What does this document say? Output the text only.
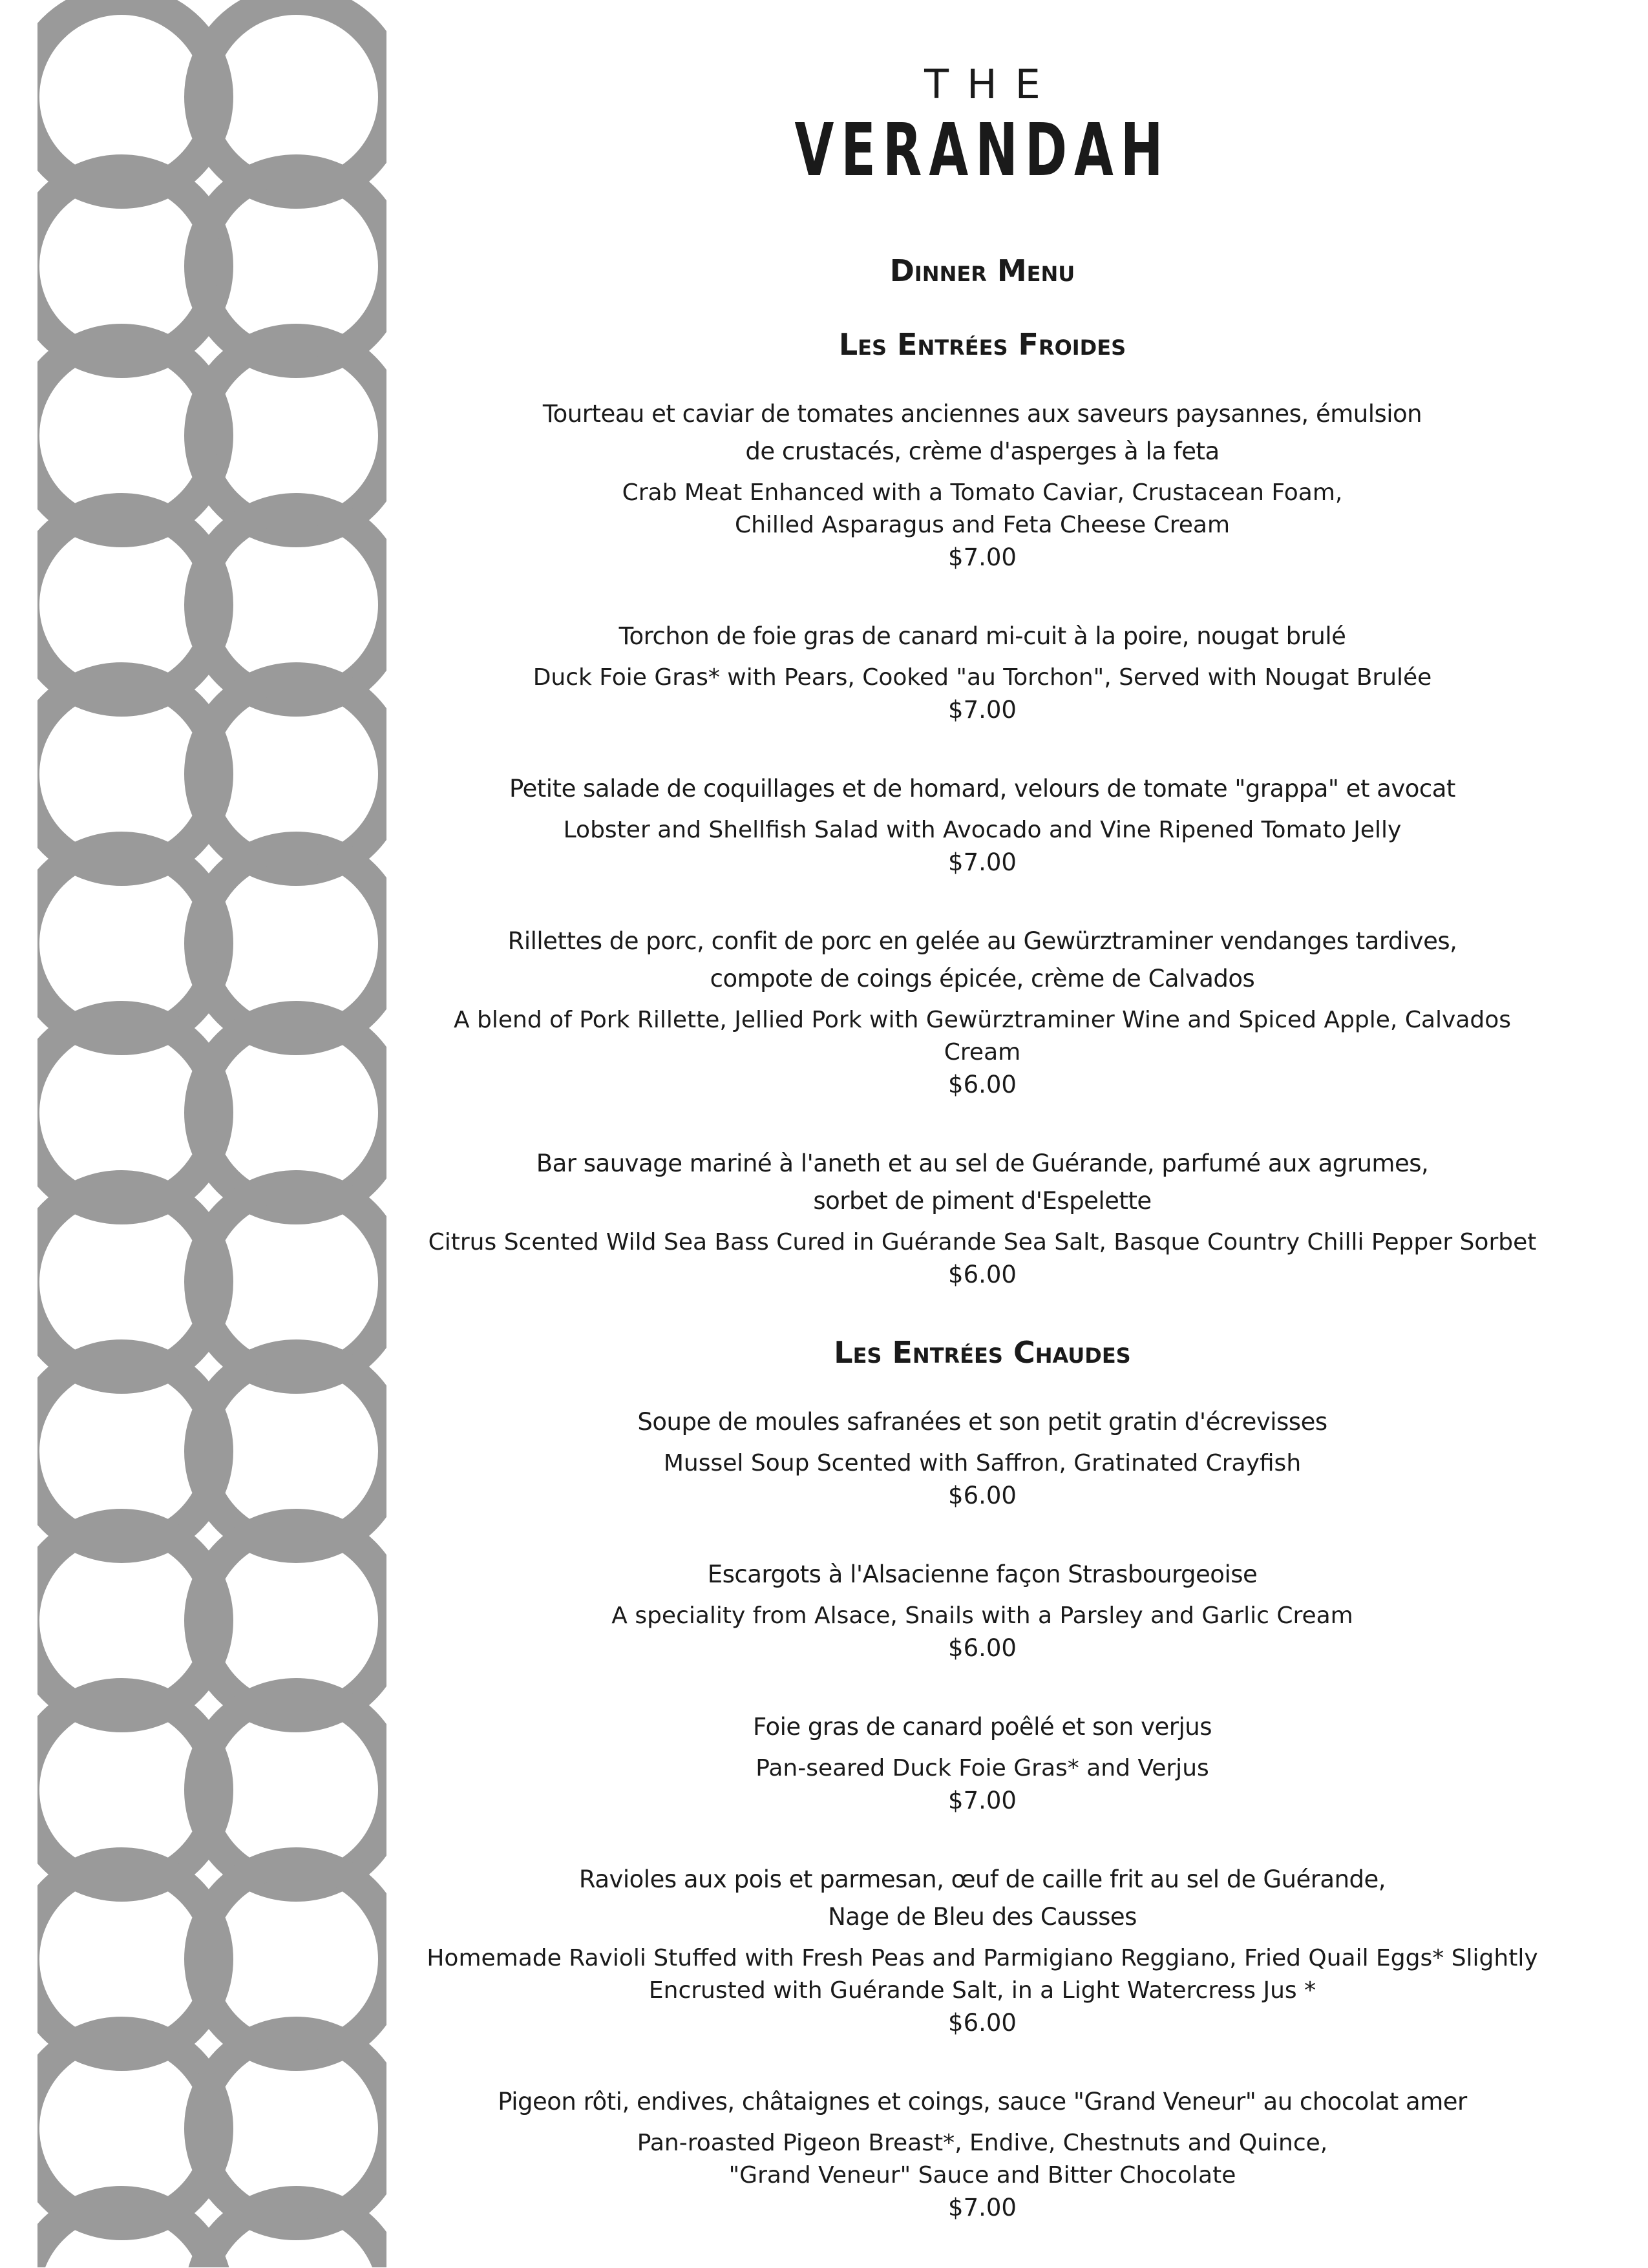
THE

VERANDAH

Dinner Menu

Les Entrées Froides

Tourteau et caviar de tomates anciennes aux saveurs paysannes, émulsion
de crustacés, crème d'asperges à la feta

Crab Meat Enhanced with a Tomato Caviar, Crustacean Foam,
Chilled Asparagus and Feta Cheese Cream

$7.00

Torchon de foie gras de canard mi-cuit à la poire, nougat brulé

Duck Foie Gras* with Pears, Cooked "au Torchon", Served with Nougat Brulée

$7.00

Petite salade de coquillages et de homard, velours de tomate "grappa" et avocat

Lobster and Shellfish Salad with Avocado and Vine Ripened Tomato Jelly

$7.00

Rillettes de porc, confit de porc en gelée au Gewürztraminer vendanges tardives,
compote de coings épicée, crème de Calvados

A blend of Pork Rillette, Jellied Pork with Gewürztraminer Wine and Spiced Apple, Calvados Cream

$6.00

Bar sauvage mariné à l'aneth et au sel de Guérande, parfumé aux agrumes,
sorbet de piment d'Espelette

Citrus Scented Wild Sea Bass Cured in Guérande Sea Salt, Basque Country Chilli Pepper Sorbet

$6.00

Les Entrées Chaudes

Soupe de moules safranées et son petit gratin d'écrevisses

Mussel Soup Scented with Saffron, Gratinated Crayfish

$6.00

Escargots à l'Alsacienne façon Strasbourgeoise

A speciality from Alsace, Snails with a Parsley and Garlic Cream

$6.00

Foie gras de canard poêlé et son verjus

Pan-seared Duck Foie Gras* and Verjus

$7.00

Ravioles aux pois et parmesan, œuf de caille frit au sel de Guérande,
Nage de Bleu des Causses

Homemade Ravioli Stuffed with Fresh Peas and Parmigiano Reggiano, Fried Quail Eggs* Slightly
Encrusted with Guérande Salt, in a Light Watercress Jus *

$6.00

Pigeon rôti, endives, châtaignes et coings, sauce "Grand Veneur" au chocolat amer

Pan-roasted Pigeon Breast*, Endive, Chestnuts and Quince,
"Grand Veneur" Sauce and Bitter Chocolate

$7.00
